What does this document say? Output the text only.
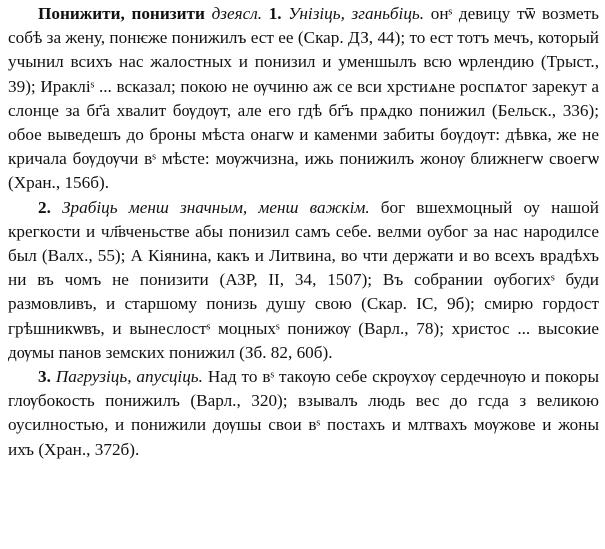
Понижити, понизити дзеясл. 1. Унізіць, зганьбіць. онˢ девицу тѿ возметь собѣ за жену, понѥже понижилъ ест ее (Скар. ДЗ, 44); то ест тотъ мечъ, который учынил всихъ нас жалостных и понизил и уменшылъ всю ѡрлендию (Трыст., 39); Иракліˢ ... всказал; покою не ѹчиню аж се вси хрстиѧне роспѧтог зарекут а слонце за бг҃а хвалит бѹдѹт, але его гдѣ бг҃ъ прѧдко понижил (Бельск., 336); обое выведешъ до броны мѣста онагѡ и каменми забиты бѹдѹт: дѣвка, же не кричала бѹдѹчи вˢ мѣсте: мѹжчизна, ижь понижилъ жонѹ ближнегѡ своегѡ (Хран., 156б).

2. Зрабіць менш значным, менш важкім. бог вшехмоцный оу нашой крегкости и чл҃вченьстве абы понизил самъ себе. велми оубог за нас народилсе был (Валх., 55); А Кіянина, какъ и Литвина, во чти держати и во всехъ врадѣхъ ни въ чомъ не понизити (АЗР, II, 34, 1507); Въ собрании ѹбогихˢ буди размовливъ, и старшому понизь душу свою (Скар. ІС, 9б); смирю гордост грѣшникѡвъ, и вынеслостˢ моцныхˢ понижѹ (Варл., 78); христос ... высокие дѹмы панов земских понижил (Зб. 82, 60б).

3. Пагрузіць, апусціць. Над то вˢ такѹю себе скрѹхѹ сердечнѹю и покоры глѹбокость понижилъ (Варл., 320); взывалъ людь вес до гсда з великою оусилностью, и понижили дѹшы свои вˢ постахъ и млтвахъ мѹжове и жоны ихъ (Хран., 372б).
